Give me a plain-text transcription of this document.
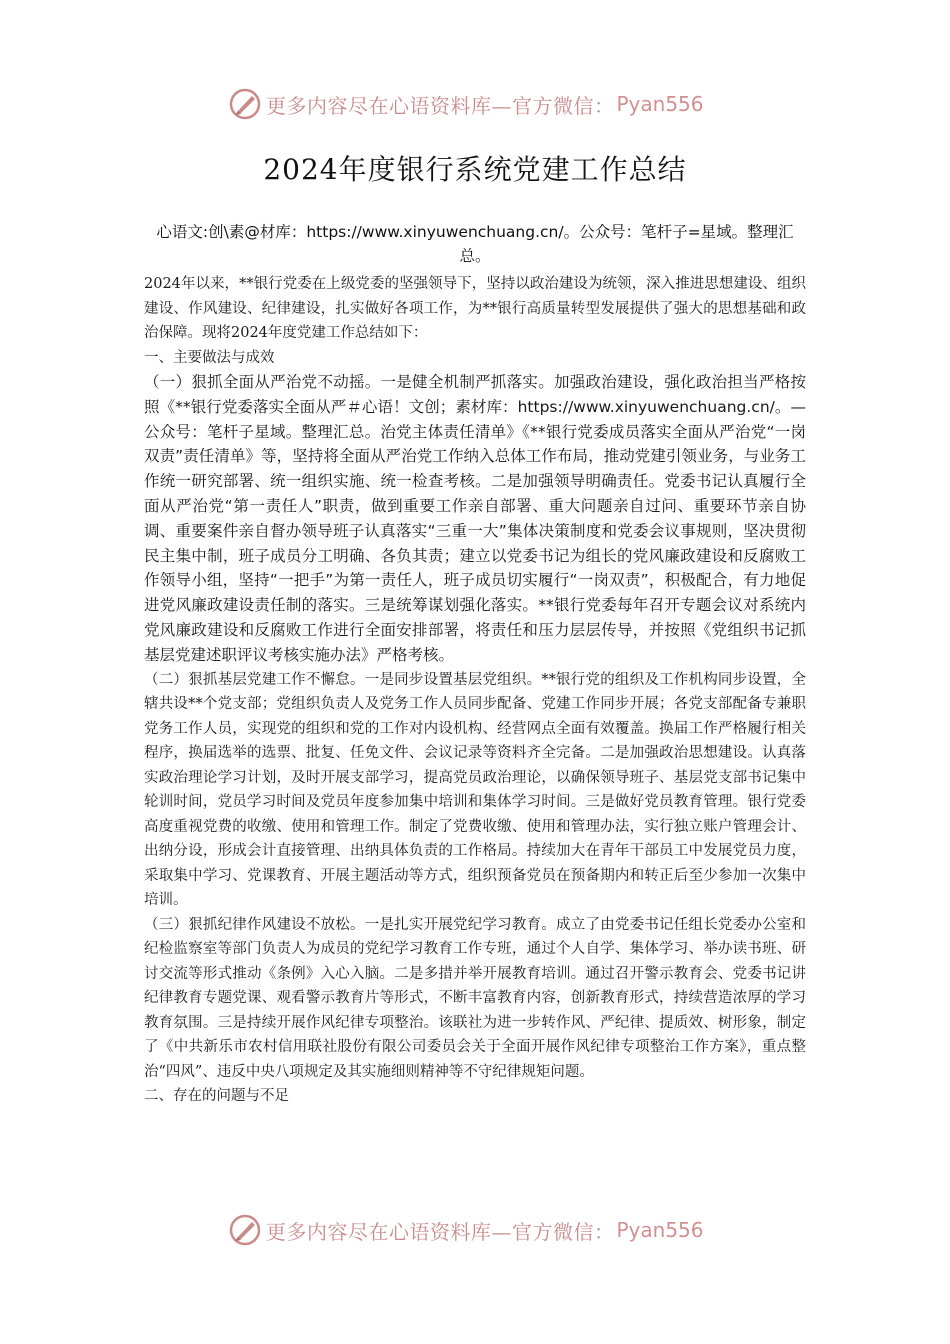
更多内容尽在心语资料库—官方微信： Pyan556
2024年度银行系统党建工作总结

心语文:创\素@材库：https://www.xinyuwenchuang.cn/。公众号：笔杆子=星域。整理汇总。

2024年以来，**银行党委在上级党委的坚强领导下，坚持以政治建设为统领，深入推进思想建设、组织建设、作风建设、纪律建设，扎实做好各项工作，为**银行高质量转型发展提供了强大的思想基础和政治保障。现将2024年度党建工作总结如下：

一、主要做法与成效

（一）狠抓全面从严治党不动摇。一是健全机制严抓落实。加强政治建设，强化政治担当严格按照《**银行党委落实全面从严＃心语！文创；素材库：https://www.xinyuwenchuang.cn/。—公众号：笔杆子星域。整理汇总。治党主体责任清单》《**银行党委成员落实全面从严治党“一岗双责”责任清单》等，坚持将全面从严治党工作纳入总体工作布局，推动党建引领业务，与业务工作统一研究部署、统一组织实施、统一检查考核。二是加强领导明确责任。党委书记认真履行全面从严治党“第一责任人”职责，做到重要工作亲自部署、重大问题亲自过问、重要环节亲自协调、重要案件亲自督办领导班子认真落实“三重一大”集体决策制度和党委会议事规则，坚决贯彻民主集中制，班子成员分工明确、各负其责；建立以党委书记为组长的党风廉政建设和反腐败工作领导小组，坚持“一把手”为第一责任人，班子成员切实履行“一岗双责”，积极配合，有力地促进党风廉政建设责任制的落实。三是统筹谋划强化落实。**银行党委每年召开专题会议对系统内党风廉政建设和反腐败工作进行全面安排部署，将责任和压力层层传导，并按照《党组织书记抓基层党建述职评议考核实施办法》严格考核。

（二）狠抓基层党建工作不懈怠。一是同步设置基层党组织。**银行党的组织及工作机构同步设置，全辖共设**个党支部；党组织负责人及党务工作人员同步配备、党建工作同步开展；各党支部配备专兼职党务工作人员，实现党的组织和党的工作对内设机构、经营网点全面有效覆盖。换届工作严格履行相关程序，换届选举的选票、批复、任免文件、会议记录等资料齐全完备。二是加强政治思想建设。认真落实政治理论学习计划，及时开展支部学习，提高党员政治理论，以确保领导班子、基层党支部书记集中轮训时间，党员学习时间及党员年度参加集中培训和集体学习时间。三是做好党员教育管理。银行党委高度重视党费的收缴、使用和管理工作。制定了党费收缴、使用和管理办法，实行独立账户管理会计、出纳分设，形成会计直接管理、出纳具体负责的工作格局。持续加大在青年干部员工中发展党员力度，采取集中学习、党课教育、开展主题活动等方式，组织预备党员在预备期内和转正后至少参加一次集中培训。

（三）狠抓纪律作风建设不放松。一是扎实开展党纪学习教育。成立了由党委书记任组长党委办公室和纪检监察室等部门负责人为成员的党纪学习教育工作专班，通过个人自学、集体学习、举办读书班、研讨交流等形式推动《条例》入心入脑。二是多措并举开展教育培训。通过召开警示教育会、党委书记讲纪律教育专题党课、观看警示教育片等形式，不断丰富教育内容，创新教育形式，持续营造浓厚的学习教育氛围。三是持续开展作风纪律专项整治。该联社为进一步转作风、严纪律、提质效、树形象，制定了《中共新乐市农村信用联社股份有限公司委员会关于全面开展作风纪律专项整治工作方案》，重点整治“四风”、违反中央八项规定及其实施细则精神等不守纪律规矩问题。

二、存在的问题与不足

更多内容尽在心语资料库—官方微信： Pyan556
